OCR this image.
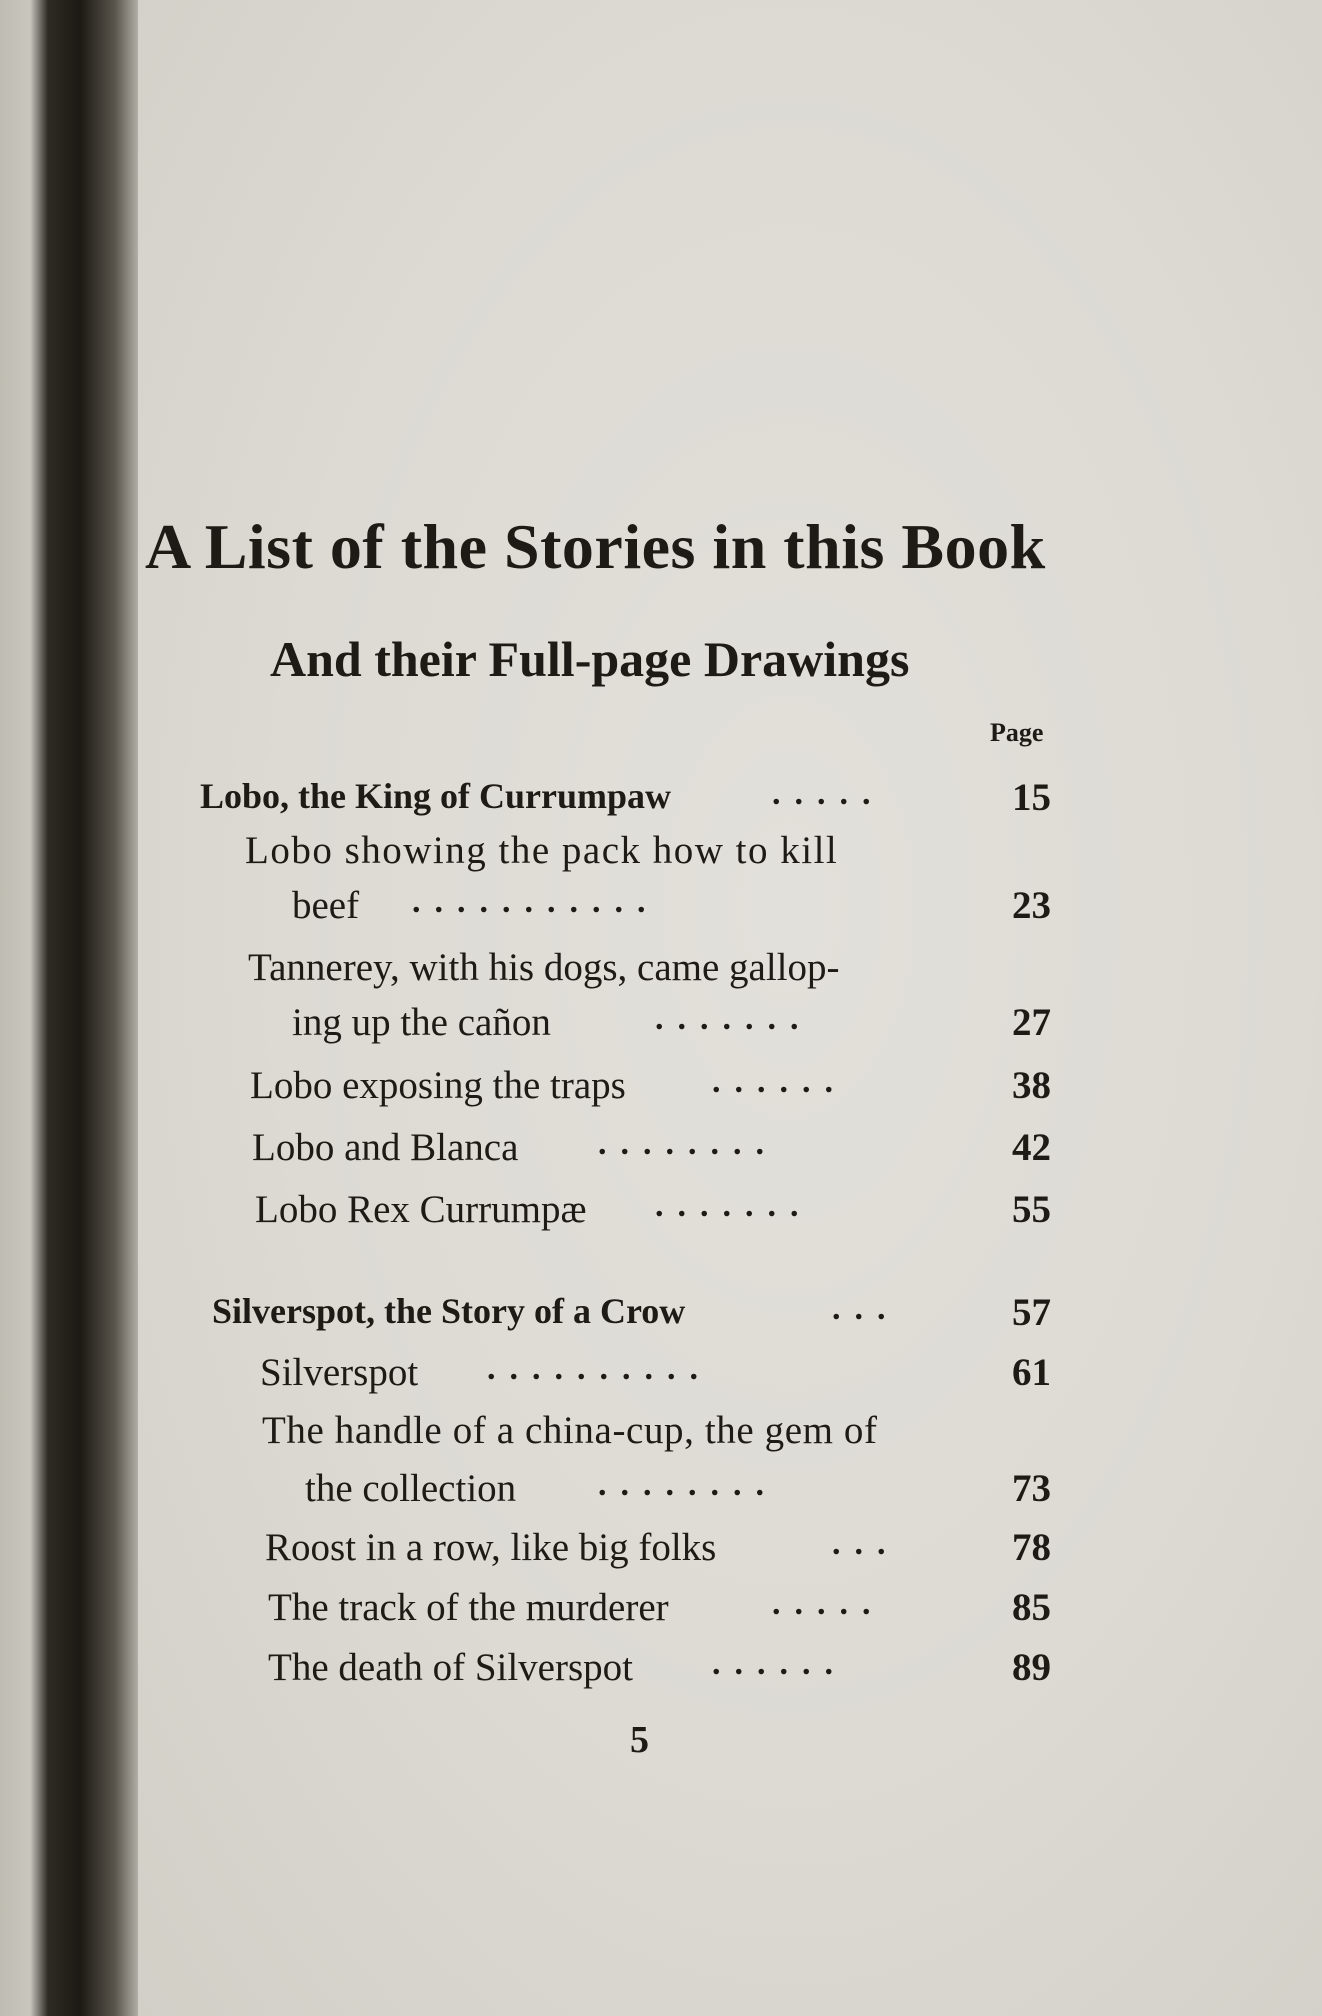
A List of the Stories in this Book
And their Full-page Drawings
Page
Lobo, the King of Currumpaw	.....	15
Lobo showing the pack how to kill
beef ...........	23
Tannerey, with his dogs, came gallop-
ing up the cañon	.......	27
Lobo exposing the traps	......	38
Lobo and Blanca ........	42
Lobo Rex Currumpæ .......	55
Silverspot, the Story of a Crow	...	57
Silverspot ..........	61
The handle of a china-cup, the gem of
the collection ........	73
Roost in a row, like big folks	...	78
The track of the murderer	.....	85
The death of Silverspot ......	89
5
